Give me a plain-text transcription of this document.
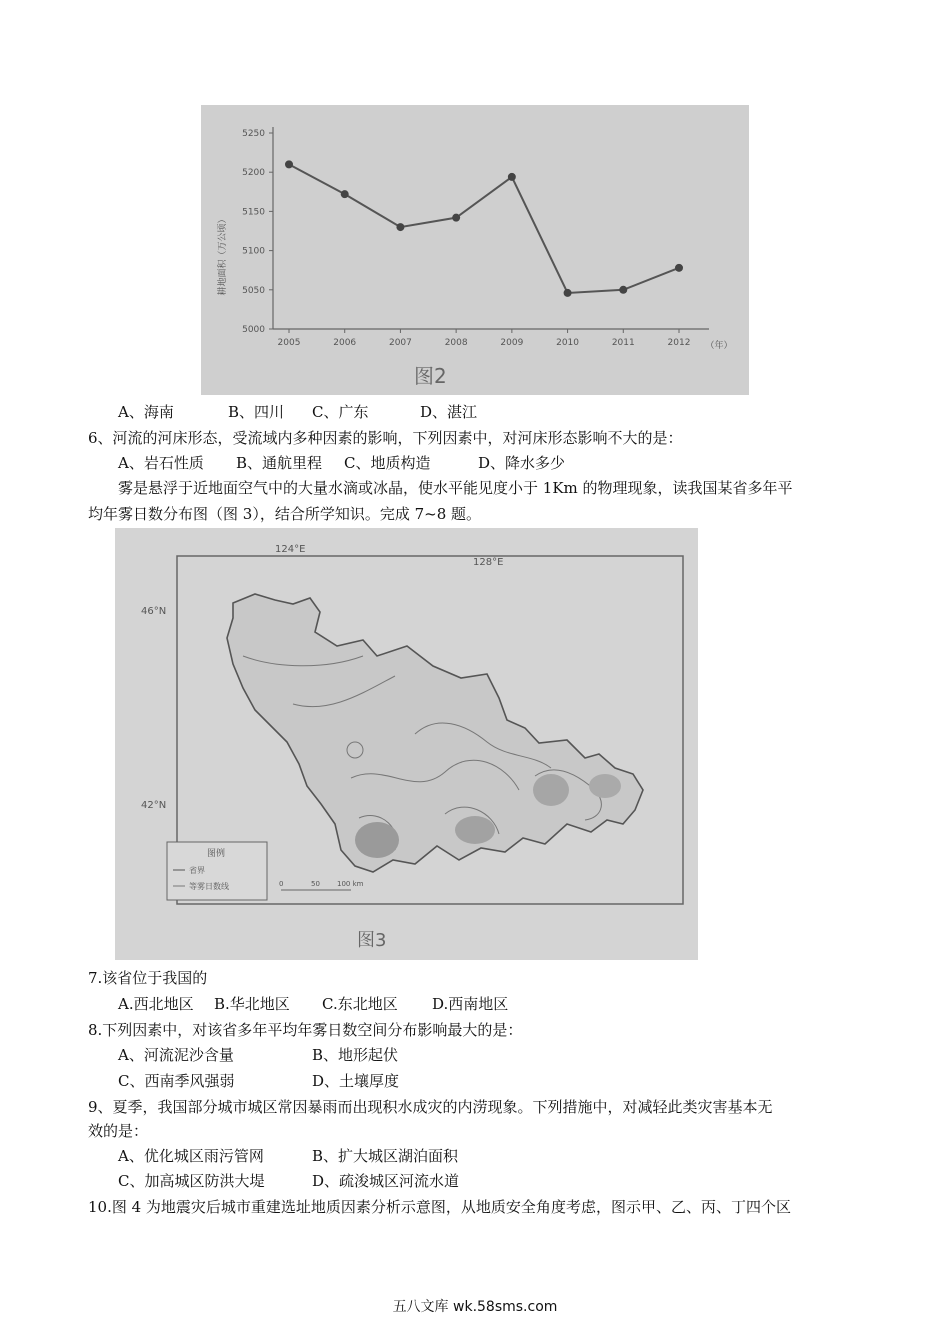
5000
5050
5100
5150
5200
5250
2005	2006	2007	2008	2009	2010	2011	2012
耕地面积（万公顷）
（年）
图2
A、海南	B、四川 C、广东	D、湛江
6、河流的河床形态，受流域内多种因素的影响，下列因素中，对河床形态影响不大的是：
A、岩石性质 B、通航里程 C、地质构造	D、降水多少
雾是悬浮于近地面空气中的大量水滴或冰晶，使水平能见度小于 1Km 的物理现象，读我国某省多年平
均年雾日数分布图（图 3），结合所学知识。完成 7~8 题。
124°E
128°E
46°N
42°N
图例
省界
等雾日数线	0	50 100 km
图3
7.该省位于我国的
A.西北地区 B.华北地区 C.东北地区 D.西南地区
8.下列因素中，对该省多年平均年雾日数空间分布影响最大的是：
A、河流泥沙含量	B、地形起伏
C、西南季风强弱	D、土壤厚度
9、夏季，我国部分城市城区常因暴雨而出现积水成灾的内涝现象。下列措施中，对减轻此类灾害基本无
效的是：
A、优化城区雨污管网	B、扩大城区湖泊面积
C、加高城区防洪大堤	D、疏浚城区河流水道
10.图 4 为地震灾后城市重建选址地质因素分析示意图，从地质安全角度考虑，图示甲、乙、丙、丁四个区
五八文库 wk.58sms.com
